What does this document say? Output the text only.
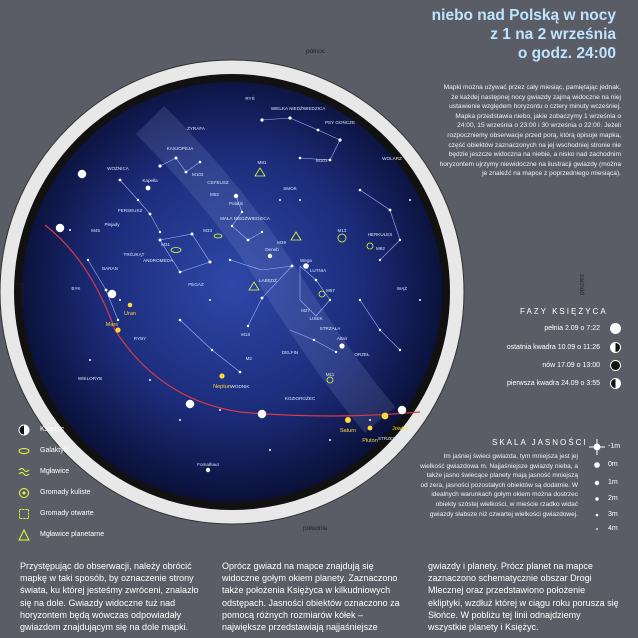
niebo nad Polską w nocy
z 1 na 2 września
o godz. 24:00
Polaris
Kapella
Plejady
Wega
Deneb
Altair
Fomalhaut
MAŁA NIEDŹWIEDZICA
WIELKA NIEDŹWIEDZICA
KASJOPEJA
PERSEUSZ
WOŹNICA
SMOK
LUTNIA
ŁABĘDŹ
ORZEŁ
PEGAZ
ANDROMEDA
BARAN
WODNIK
KOZIOROŻEC
RYBY
WIELORYB
HERKULES
WOLARZ
STRZELEC
LISEK
DELFIN
STRZAŁA
PSY GOŃCZE
TRÓJKĄT
ŻYRAFA
RYŚ
BYK
CEFEUSZ
WĄŻ
Uran
Mars
Neptun
Saturn
Pluton
Jowisz
M31
M33	M13
M92
M57
M27
M15
M2
M45
M81	M101
M103
M39
M52
M11
północ
południe
zachód
wschód
Mapki można używać przez cały miesiąc, pamiętając jednak, że każdej następnej nocy gwiazdy zajmą widoczne na niej ustawienie względem horyzontu o cztery minuty wcześniej. Mapka przedstawia niebo, jakie zobaczymy 1 września o 24:00, 15 września o 23:00 i 30 września o 22:00. Jeżeli rozpoczniemy obserwacje przed porą, którą opisuje mapka, część obiektów zaznaczonych na jej wschodniej stronie nie będzie jeszcze widoczna na niebie, a nisko nad zachodnim horyzontem ujrzymy niewidoczne na ilustracji gwiazdy (można je znaleźć na mapce z poprzedniego miesiąca).
FAZY KSIĘŻYCA
pełnia 2.09 o 7:22
ostatnia kwadra 10.09 o 11:26
nów 17.09 o 13:00
pierwsza kwadra 24.09 o 3:55
SKALA JASNOŚCI
Im jaśniej świeci gwiazda, tym mniejsza jest jej wielkość gwiazdowa m. Najjaśniejsze gwiazdy nieba, a także jasno świecące planety mają jasność mniejszą od zera, jasności pozostałych obiektów są dodatnie. W idealnych warunkach gołym okiem można dostrzec obiekty szóstej wielkości, w mieście rzadko widać gwiazdy słabsze niż czwartej wielkości gwiazdowej.
-1m
0m
1m
2m
3m
4m
Księżyc
Galaktyki
Mgławice
Gromady kuliste
Gromady otwarte
Mgławice planetarne
Przystępując do obserwacji, należy obrócić mapkę w taki sposób, by oznaczenie strony świata, ku której jesteśmy zwróceni, znalazło się na dole. Gwiazdy widoczne tuż nad horyzontem będą wówczas odpowiadały gwiazdom znajdującym się na dole mapki.
Oprócz gwiazd na mapce znajdują się widoczne gołym okiem planety. Zaznaczono także położenia Księżyca w kilkudniowych odstępach. Jasności obiektów oznaczono za pomocą różnych rozmiarów kółek – największe przedstawiają najjaśniejsze
gwiazdy i planety. Prócz planet na mapce zaznaczono schematycznie obszar Drogi Mlecznej oraz przedstawiono położenie ekliptyki, wzdłuż której w ciągu roku porusza się Słońce. W pobliżu tej linii odnajdziemy wszystkie planety i Księżyc.
